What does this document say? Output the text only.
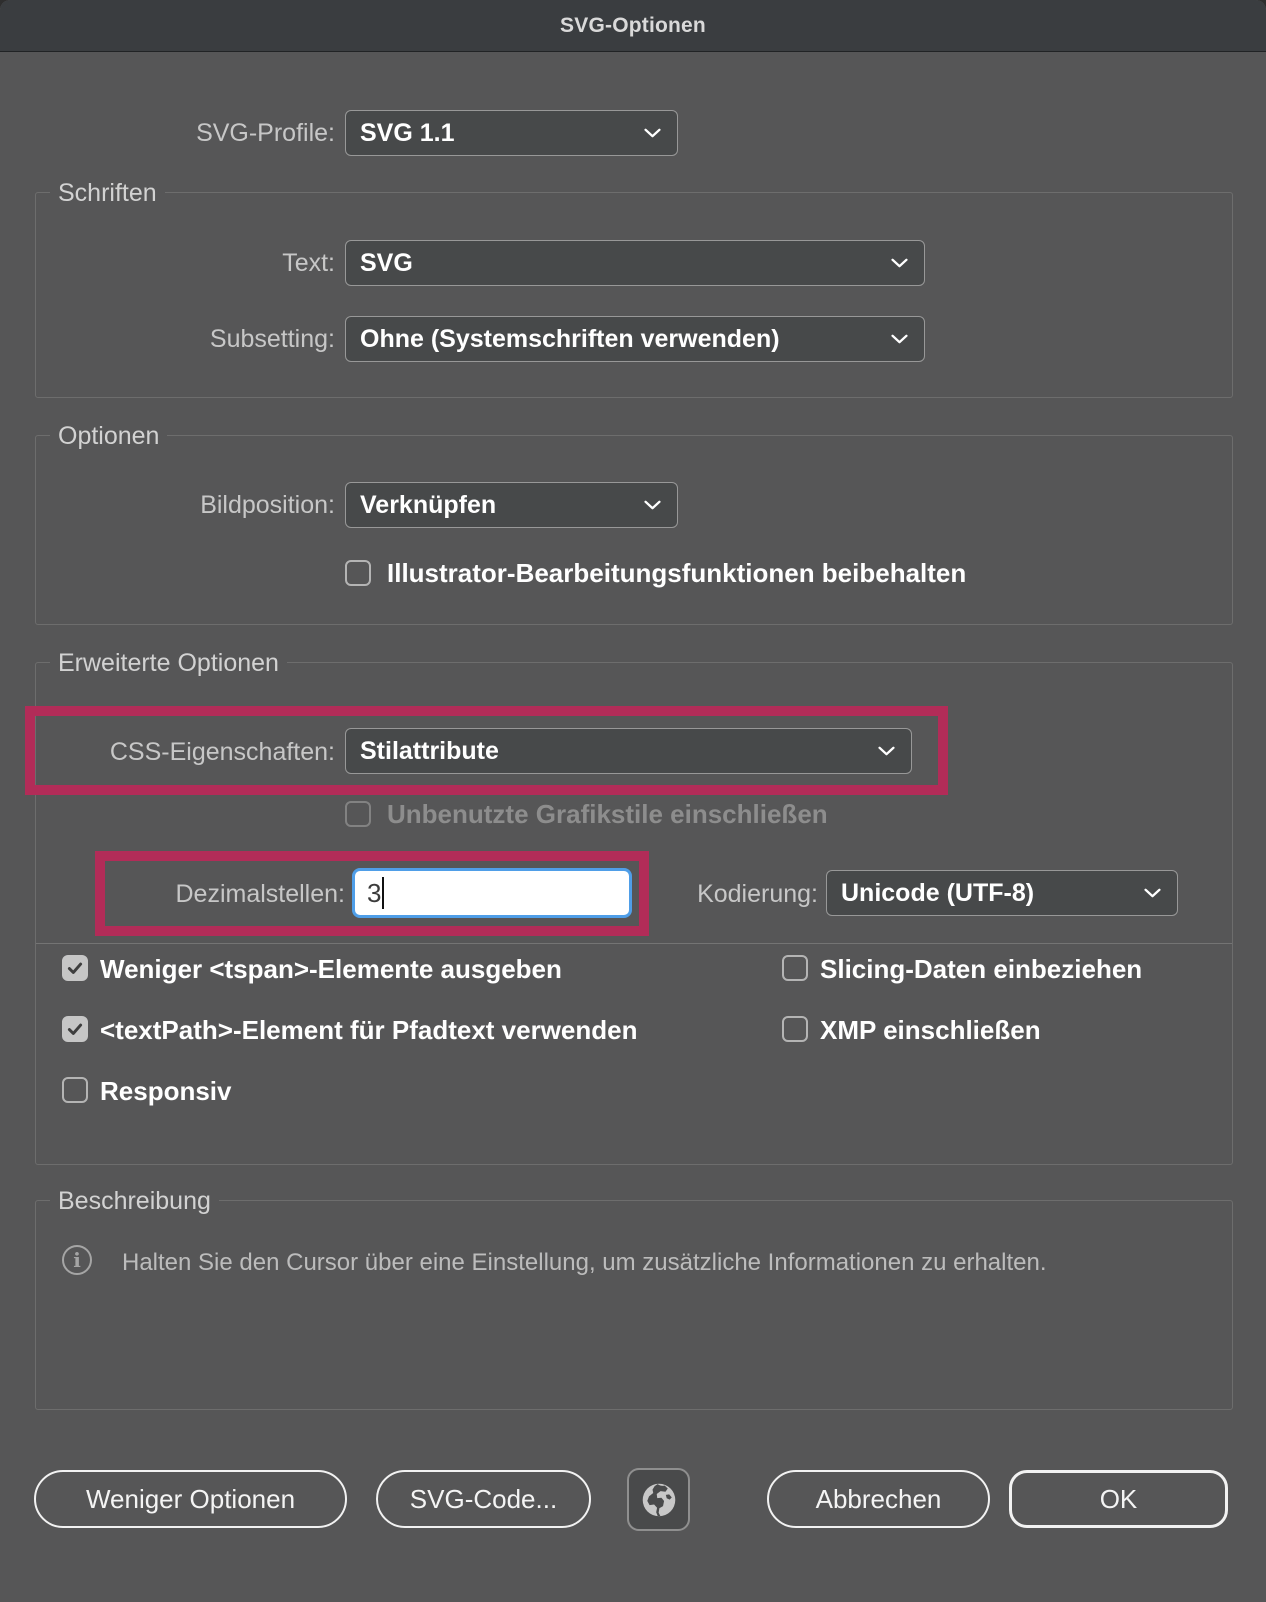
SVG-Optionen
SVG-Profile: SVG 1.1
Schriften
Text: SVG
Subsetting: Ohne (Systemschriften verwenden)
Optionen
Bildposition: Verknüpfen
Illustrator-Bearbeitungsfunktionen beibehalten
Erweiterte Optionen
CSS-Eigenschaften: Stilattribute
Unbenutzte Grafikstile einschließen
Dezimalstellen: 3	Kodierung: Unicode (UTF-8)
Weniger <tspan>-Elemente ausgeben	Slicing-Daten einbeziehen
<textPath>-Element für Pfadtext verwenden	XMP einschließen
Responsiv
Beschreibung
i	Halten Sie den Cursor über eine Einstellung, um zusätzliche Informationen zu erhalten.
Weniger Optionen	SVG-Code...	Abbrechen	OK
